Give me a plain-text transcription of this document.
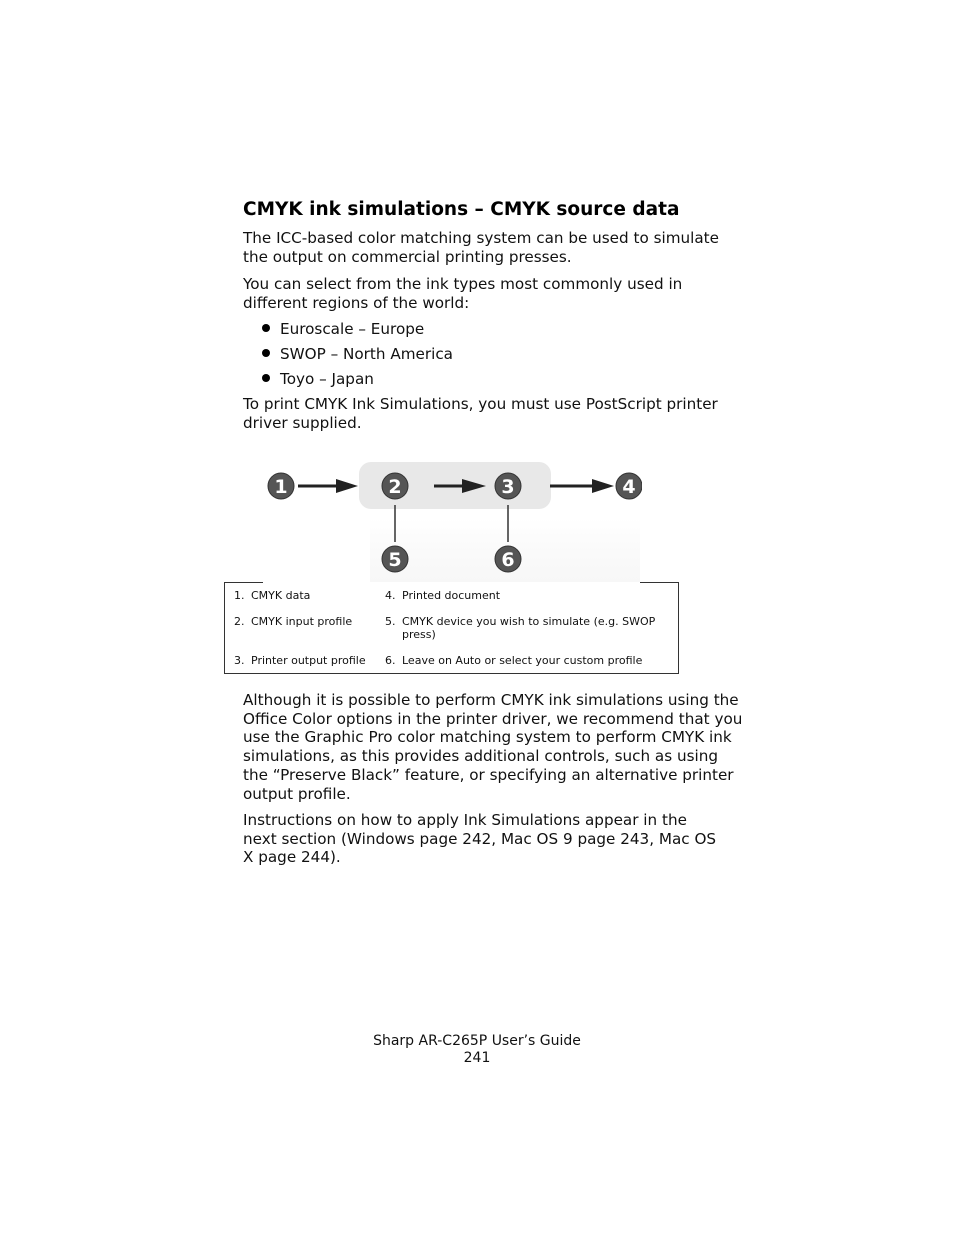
CMYK ink simulations – CMYK source data

The ICC-based color matching system can be used to simulate the output on commercial printing presses.

You can select from the ink types most commonly used in different regions of the world:

Euroscale – Europe
SWOP – North America
Toyo – Japan

To print CMYK Ink Simulations, you must use PostScript printer driver supplied.

1	2	3	4
5	6
1. CMYK data
2. CMYK input profile
3. Printer output profile
4. Printed document
5. CMYK device you wish to simulate (e.g. SWOP press)
6. Leave on Auto or select your custom profile

Although it is possible to perform CMYK ink simulations using the Office Color options in the printer driver, we recommend that you use the Graphic Pro color matching system to perform CMYK ink simulations, as this provides additional controls, such as using the “Preserve Black” feature, or specifying an alternative printer output profile.

Instructions on how to apply Ink Simulations appear in the next section (Windows page 242, Mac OS 9 page 243, Mac OS X page 244).

Sharp AR-C265P User’s Guide
241
